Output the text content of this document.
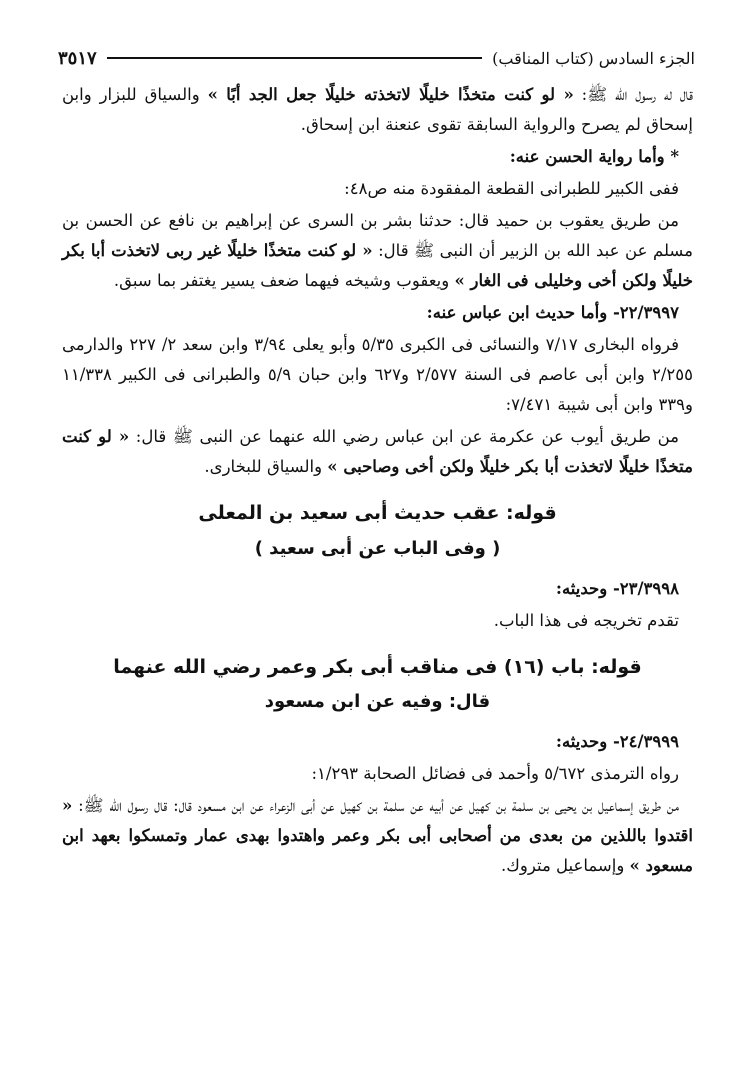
الجزء السادس (كتاب المناقب)
٣٥١٧

قال له رسول الله ﷺ: « لو كنت متخذًا خليلًا لاتخذته خليلًا جعل الجد أبًا » والسياق للبزار وابن إسحاق لم يصرح والرواية السابقة تقوى عنعنة ابن إسحاق.

* وأما رواية الحسن عنه:

ففى الكبير للطبرانى القطعة المفقودة منه ص٤٨:

من طريق يعقوب بن حميد قال: حدثنا بشر بن السرى عن إبراهيم بن نافع عن الحسن بن مسلم عن عبد الله بن الزبير أن النبى ﷺ قال: « لو كنت متخذًا خليلًا غير ربى لاتخذت أبا بكر خليلًا ولكن أخى وخليلى فى الغار » ويعقوب وشيخه فيهما ضعف يسير يغتفر بما سبق.

٢٢/٣٩٩٧- وأما حديث ابن عباس عنه:

فرواه البخارى ٧/١٧ والنسائى فى الكبرى ٥/٣٥ وأبو يعلى ٣/٩٤ وابن سعد ٢/ ٢٢٧ والدارمى ٢/٢٥٥ وابن أبى عاصم فى السنة ٢/٥٧٧ و٦٢٧ وابن حبان ٥/٩ والطبرانى فى الكبير ١١/٣٣٨ و٣٣٩ وابن أبى شيبة ٧/٤٧١:

من طريق أيوب عن عكرمة عن ابن عباس رضي الله عنهما عن النبى ﷺ قال: « لو كنت متخذًا خليلًا لاتخذت أبا بكر خليلًا ولكن أخى وصاحبى » والسياق للبخارى.

قوله: عقب حديث أبى سعيد بن المعلى
( وفى الباب عن أبى سعيد )

٢٣/٣٩٩٨- وحديثه:

تقدم تخريجه فى هذا الباب.

قوله: باب (١٦) فى مناقب أبى بكر وعمر رضي الله عنهما
قال: وفيه عن ابن مسعود

٢٤/٣٩٩٩- وحديثه:

رواه الترمذى ٥/٦٧٢ وأحمد فى فضائل الصحابة ١/٢٩٣:

من طريق إسماعيل بن يحيى بن سلمة بن كهيل عن أبيه عن سلمة بن كهيل عن أبى الزعراء عن ابن مسعود قال: قال رسول الله ﷺ: « اقتدوا باللذين من بعدى من أصحابى أبى بكر وعمر واهتدوا بهدى عمار وتمسكوا بعهد ابن مسعود » وإسماعيل متروك.
